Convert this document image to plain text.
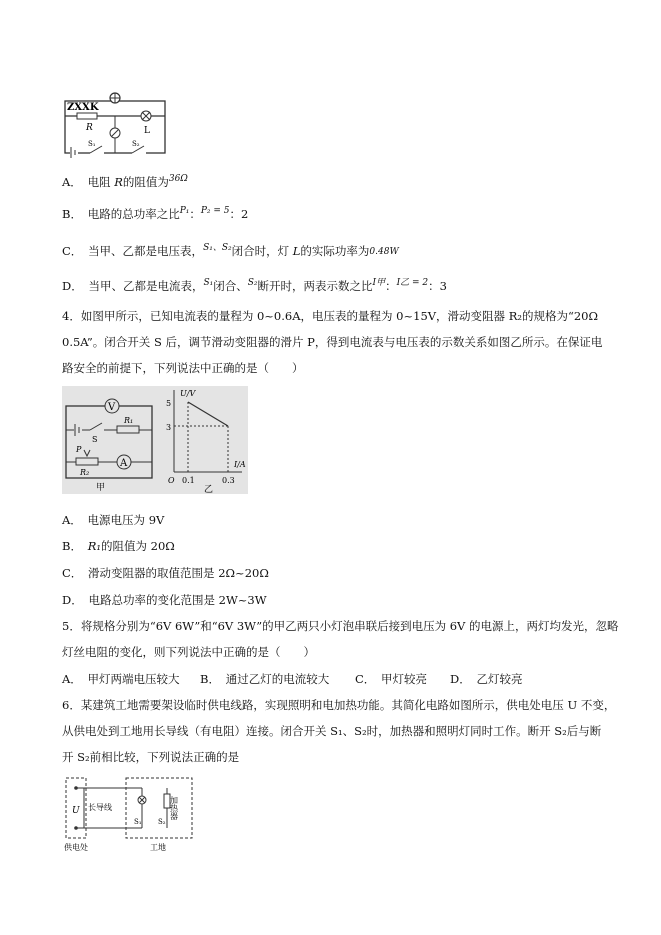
ZXXK
R	L
S₁	S₂
A．　 电阻 R的阻值为$^{36\Omega}$
B．　 电路的总功率之比$^{P_1}$：$^{P_2 = 5}$：2
C．　 当甲、乙都是电压表，$^{S_1、S_2}$闭合时，灯 L的实际功率为0.48W
D．　 当甲、乙都是电流表，$^{S_1}$闭合、$^{S_2}$断开时，两表示数之比$^{I甲}$：$^{I乙 = 2}$：3
4．如图甲所示，已知电流表的量程为 0~0.6A，电压表的量程为 0~15V，滑动变阻器 R₂的规格为“20Ω
0.5A”。闭合开关 S 后，调节滑动变阻器的滑片 P，得到电流表与电压表的示数关系如图乙所示。在保证电
路安全的前提下，下列说法中正确的是（　　）
V
S
R₁
P
R₂
A
甲
U/V
I/A
5
3
O 0.1	0.3
乙
A．　电源电压为 9V
B．　 R₁的阻值为 20Ω
C．　滑动变阻器的取值范围是 2Ω~20Ω
D．　电路总功率的变化范围是 2W~3W
5．将规格分别为“6V 6W”和“6V 3W”的甲乙两只小灯泡串联后接到电压为 6V 的电源上，两灯均发光，忽略
灯丝电阻的变化，则下列说法中正确的是（　　）
A．　甲灯两端电压较大 B．　通过乙灯的电流较大 C．　甲灯较亮 D．　乙灯较亮
6．某建筑工地需要架设临时供电线路，实现照明和电加热功能。其简化电路如图所示，供电处电压 U 不变，
从供电处到工地用长导线（有电阻）连接。闭合开关 S₁、S₂时，加热器和照明灯同时工作。断开 S₂后与断
开 S₂前相比较，下列说法正确的是
U 长导线	加热器
S₁ S₂
供电处	工地
